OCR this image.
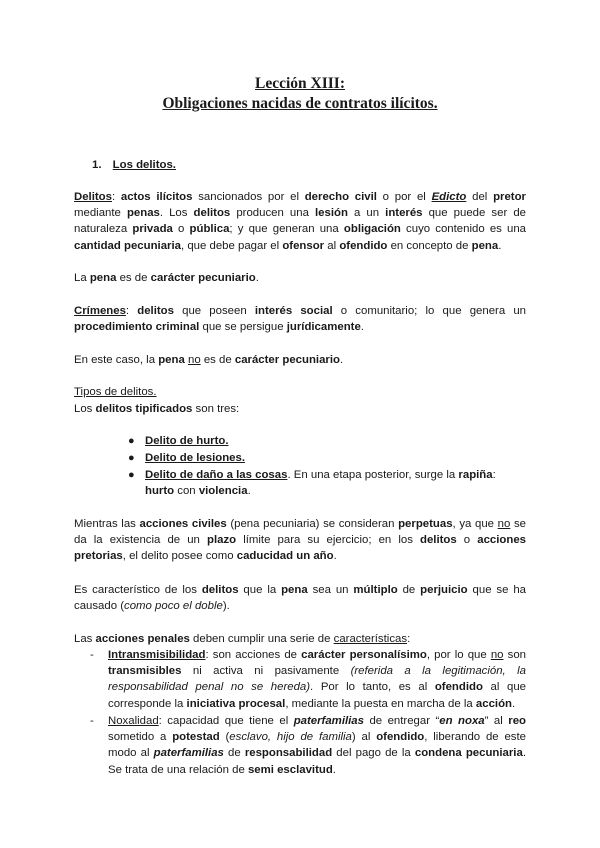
Lección XIII:
Obligaciones nacidas de contratos ilícitos.
1. Los delitos.

Delitos: actos ilícitos sancionados por el derecho civil o por el Edicto del pretor mediante penas. Los delitos producen una lesión a un interés que puede ser de naturaleza privada o pública; y que generan una obligación cuyo contenido es una cantidad pecuniaria, que debe pagar el ofensor al ofendido en concepto de pena.

La pena es de carácter pecuniario.

Crímenes: delitos que poseen interés social o comunitario; lo que genera un procedimiento criminal que se persigue jurídicamente.

En este caso, la pena no es de carácter pecuniario.

Tipos de delitos.

Los delitos tipificados son tres:

● Delito de hurto.

● Delito de lesiones.

● Delito de daño a las cosas. En una etapa posterior, surge la rapiña: hurto con violencia.

Mientras las acciones civiles (pena pecuniaria) se consideran perpetuas, ya que no se da la existencia de un plazo límite para su ejercicio; en los delitos o acciones pretorias, el delito posee como caducidad un año.

Es característico de los delitos que la pena sea un múltiplo de perjuicio que se ha causado (como poco el doble).

Las acciones penales deben cumplir una serie de características:

-	Intransmisibilidad: son acciones de carácter personalísimo, por lo que no son transmisibles ni activa ni pasivamente (referida a la legitimación, la responsabilidad penal no se hereda). Por lo tanto, es al ofendido al que corresponde la iniciativa procesal, mediante la puesta en marcha de la acción.

-	Noxalidad: capacidad que tiene el paterfamilias de entregar “en noxa” al reo sometido a potestad (esclavo, hijo de familia) al ofendido, liberando de este modo al paterfamilias de responsabilidad del pago de la condena pecuniaria. Se trata de una relación de semi esclavitud.
